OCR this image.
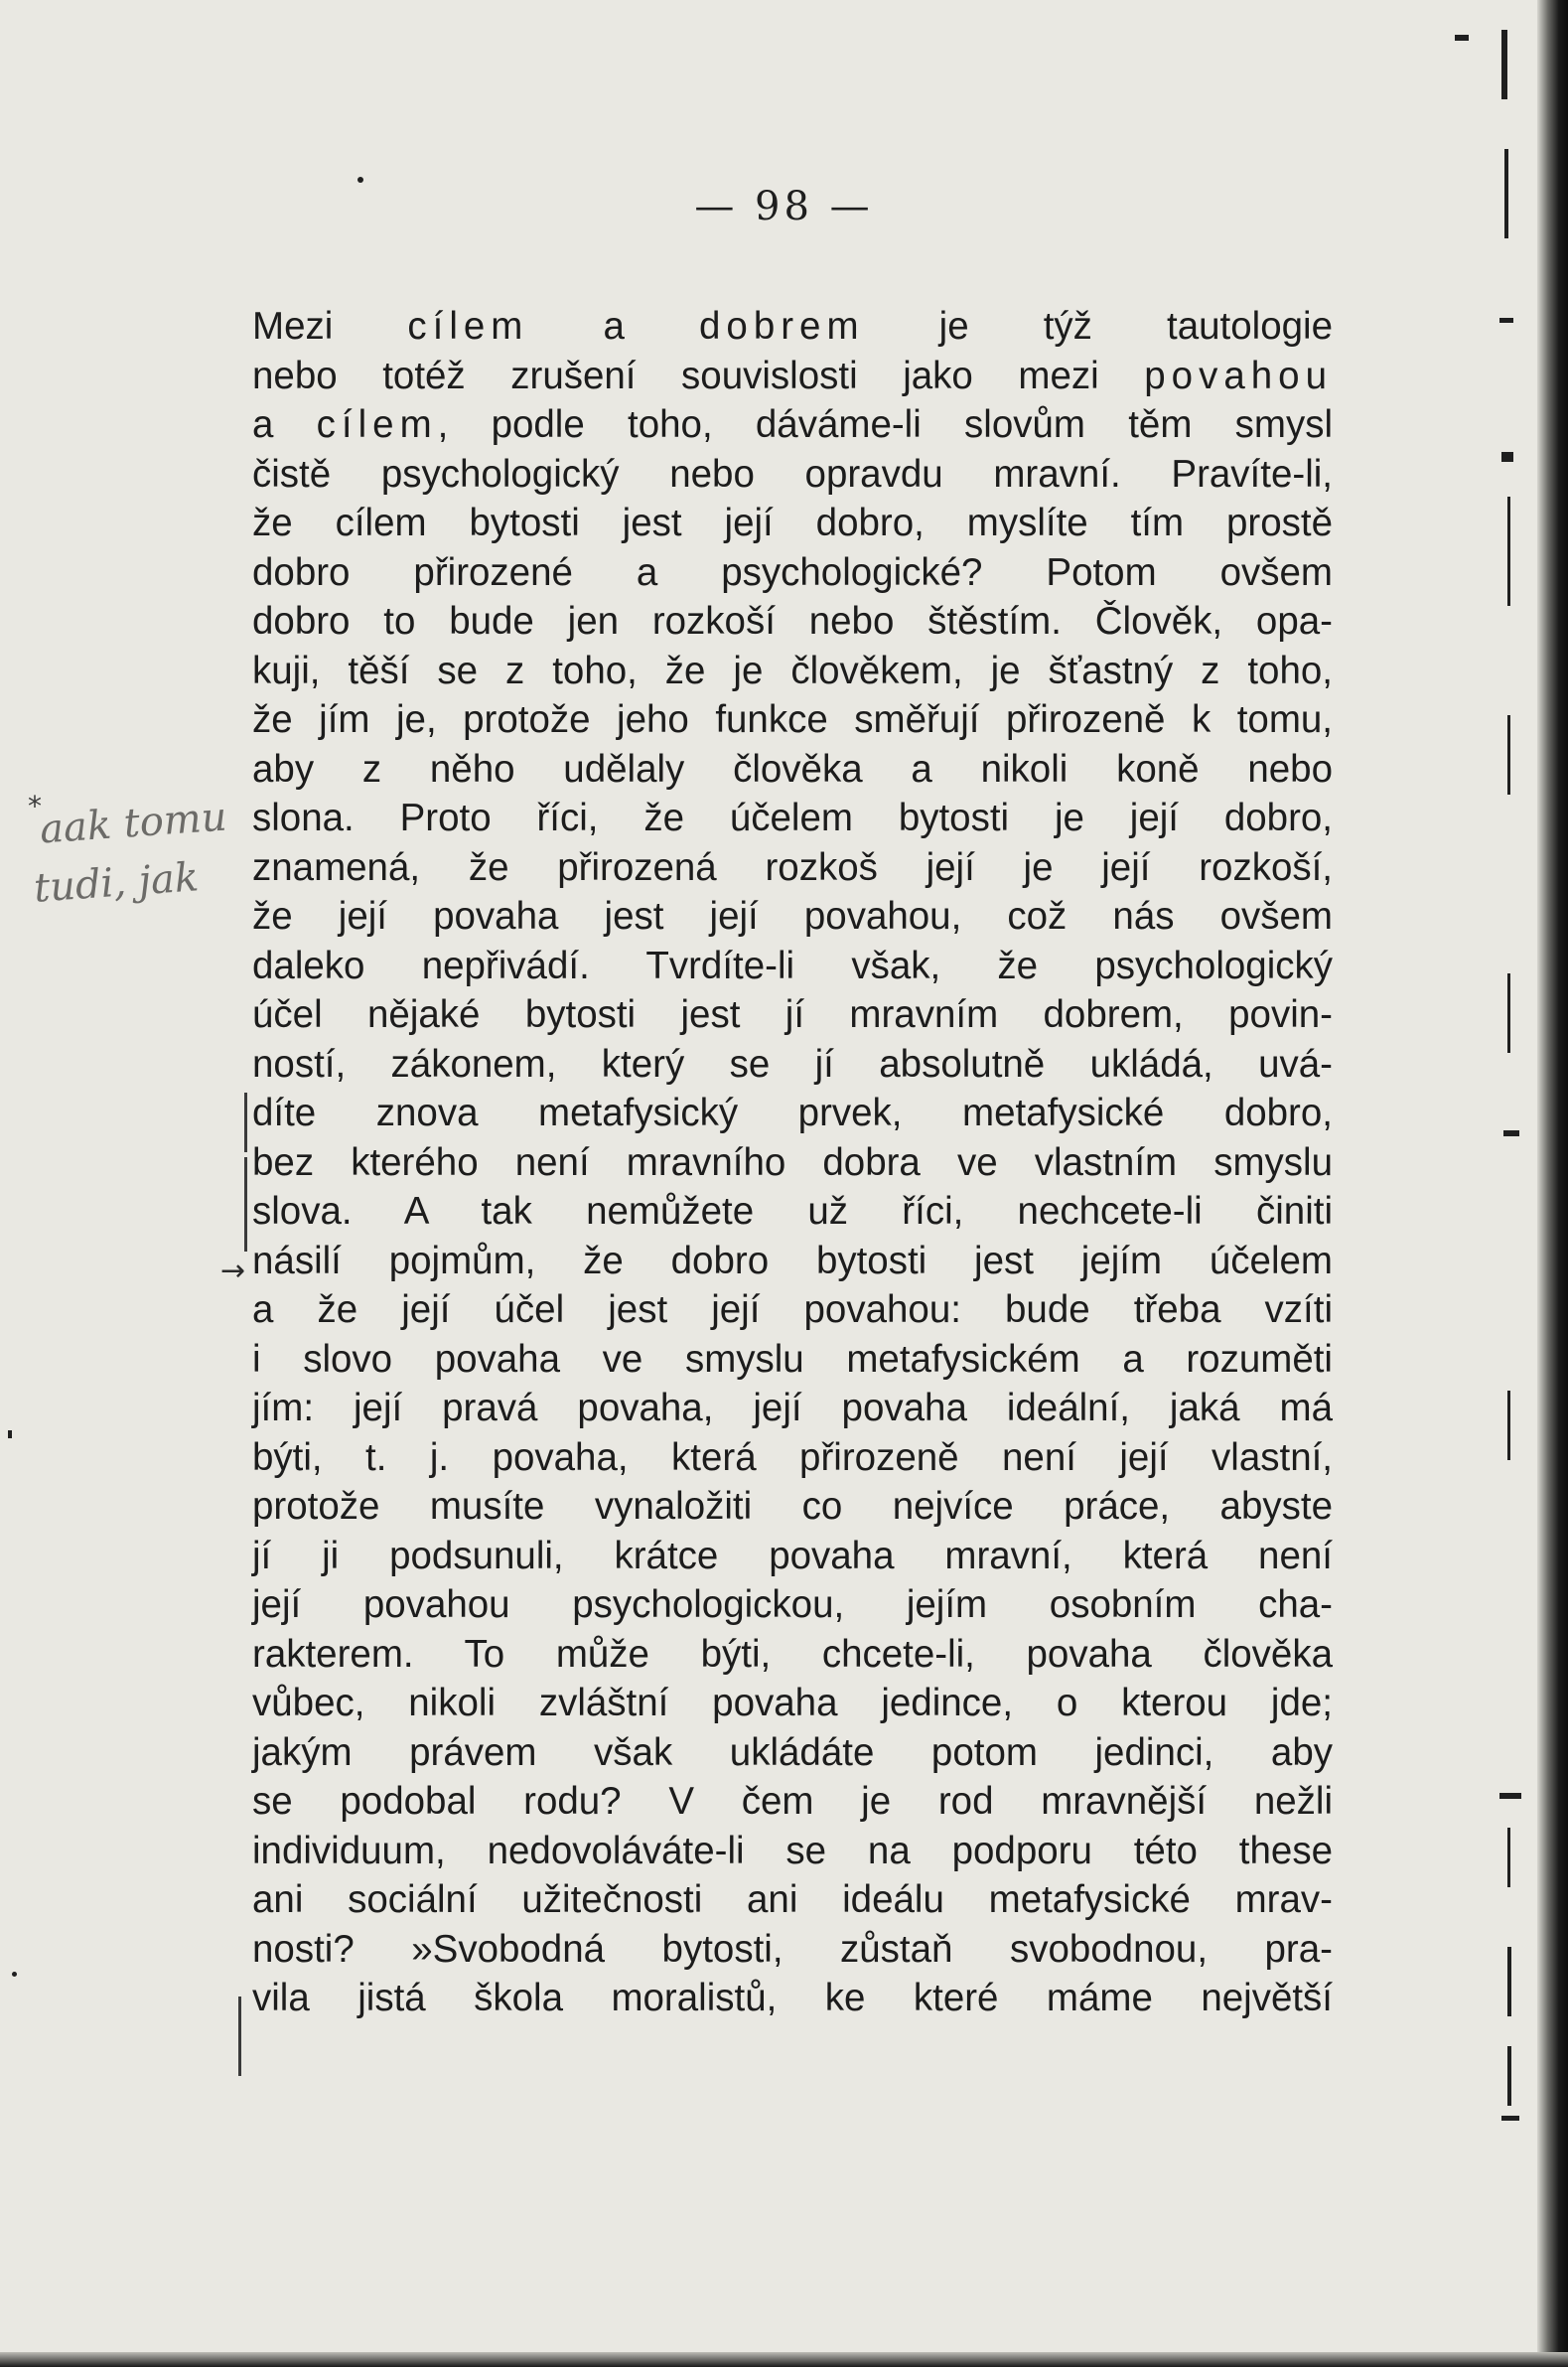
— 98 —
Mezi cílem a dobrem je týž tautologie
nebo totéž zrušení souvislosti jako mezi povahou
a cílem, podle toho, dáváme-li slovům těm smysl
čistě psychologický nebo opravdu mravní. Pravíte-li,
že cílem bytosti jest její dobro, myslíte tím prostě
dobro přirozené a psychologické? Potom ovšem
dobro to bude jen rozkoší nebo štěstím. Člověk, opa-
kuji, těší se z toho, že je člověkem, je šťastný z toho,
že jím je, protože jeho funkce směřují přirozeně k tomu,
aby z něho udělaly člověka a nikoli koně nebo
slona. Proto říci, že účelem bytosti je její dobro,
znamená, že přirozená rozkoš její je její rozkoší,
že její povaha jest její povahou, což nás ovšem
daleko nepřivádí. Tvrdíte-li však, že psychologický
účel nějaké bytosti jest jí mravním dobrem, povin-
ností, zákonem, který se jí absolutně ukládá, uvá-
díte znova metafysický prvek, metafysické dobro,
bez kterého není mravního dobra ve vlastním smyslu
slova. A tak nemůžete už říci, nechcete-li činiti
násilí pojmům, že dobro bytosti jest jejím účelem
a že její účel jest její povahou: bude třeba vzíti
i slovo povaha ve smyslu metafysickém a rozuměti
jím: její pravá povaha, její povaha ideální, jaká má
býti, t. j. povaha, která přirozeně není její vlastní,
protože musíte vynaložiti co nejvíce práce, abyste
jí ji podsunuli, krátce povaha mravní, která není
její povahou psychologickou, jejím osobním cha-
rakterem. To může býti, chcete-li, povaha člověka
vůbec, nikoli zvláštní povaha jedince, o kterou jde;
jakým právem však ukládáte potom jedinci, aby
se podobal rodu? V čem je rod mravnější nežli
individuum, nedovoláváte-li se na podporu této these
ani sociální užitečnosti ani ideálu metafysické mrav-
nosti? »Svobodná bytosti, zůstaň svobodnou, pra-
vila jistá škola moralistů, ke které máme největší
*
aak tomu
tudi, jak
→
